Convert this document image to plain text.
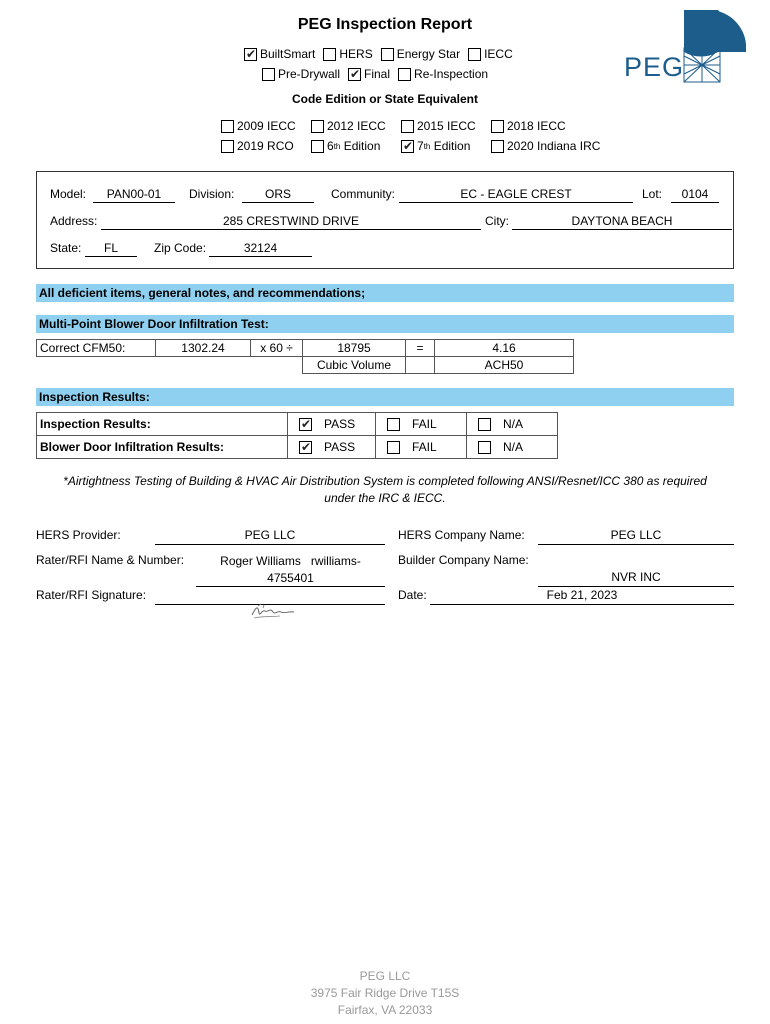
PEG Inspection Report
PEG
✔
BuiltSmart HERS Energy Star IECC
Pre-Drywall ✔ Final Re-Inspection
Code Edition or State Equivalent
2009 IECC	2012 IECC	2015 IECC	2018 IECC
2019 RCO	6 th Edition ✔	7 th Edition	2020 Indiana IRC
Model:	PAN00-01	Division:	ORS	Community:	EC - EAGLE CREST	Lot:	0104
Address:	285 CRESTWIND DRIVE	City:	DAYTONA BEACH
State:	FL	Zip Code:	32124
All deficient items, general notes, and recommendations;
Multi-Point Blower Door Infiltration Test:
Correct CFM50:	1302.24	x 60 ÷	18795	=	4.16
			Cubic Volume		ACH50
Inspection Results:
Inspection Results:	✔PASS	FAIL	N/A
Blower Door Infiltration Results:	✔PASS	FAIL	N/A
*Airtightness Testing of Building & HVAC Air Distribution System is completed following ANSI/Resnet/ICC 380 as required
under the IRC & IECC.
HERS Provider:	PEG LLC	HERS Company Name:	PEG LLC
Rater/RFI Name & Number:	Roger Williams   rwilliams-
4755401
Builder Company Name:
NVR INC
Rater/RFI Signature:	Date:	Feb 21, 2023
PEG LLC
3975 Fair Ridge Drive T15S
Fairfax, VA 22033
